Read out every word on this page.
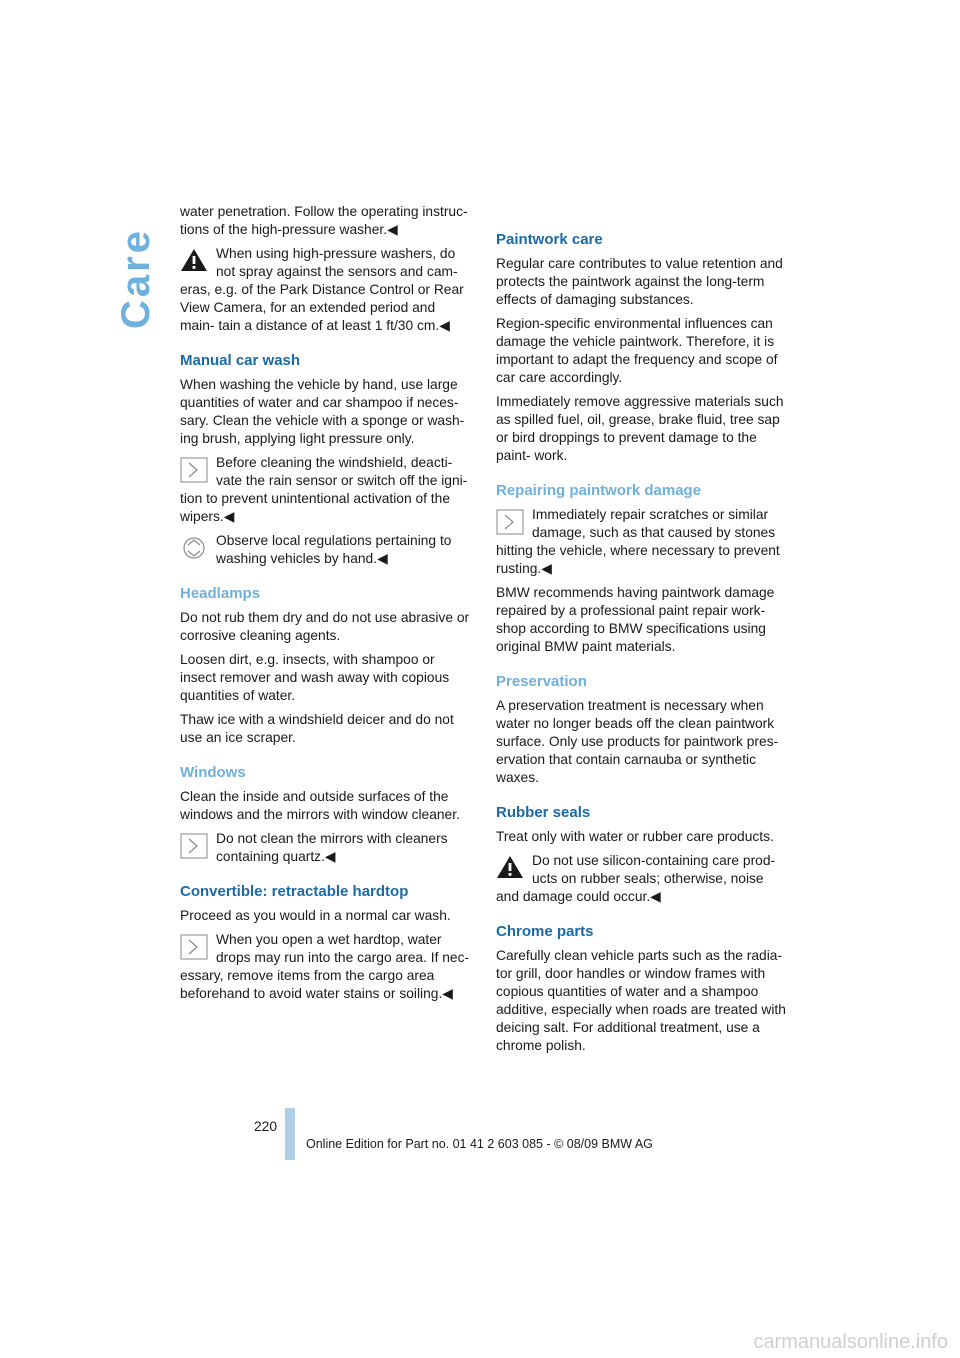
Care

water penetration. Follow the operating instruc- tions of the high-pressure washer.◀

When using high-pressure washers, do not spray against the sensors and cam- eras, e.g. of the Park Distance Control or Rear View Camera, for an extended period and main- tain a distance of at least 1 ft/30 cm.◀
Manual car wash

When washing the vehicle by hand, use large quantities of water and car shampoo if neces- sary. Clean the vehicle with a sponge or wash- ing brush, applying light pressure only.

Before cleaning the windshield, deacti- vate the rain sensor or switch off the igni- tion to prevent unintentional activation of the wipers.◀
Observe local regulations pertaining to washing vehicles by hand.◀
Headlamps

Do not rub them dry and do not use abrasive or corrosive cleaning agents.

Loosen dirt, e.g. insects, with shampoo or insect remover and wash away with copious quantities of water.

Thaw ice with a windshield deicer and do not use an ice scraper.

Windows

Clean the inside and outside surfaces of the windows and the mirrors with window cleaner.

Do not clean the mirrors with cleaners containing quartz.◀
Convertible: retractable hardtop

Proceed as you would in a normal car wash.

When you open a wet hardtop, water drops may run into the cargo area. If nec- essary, remove items from the cargo area beforehand to avoid water stains or soiling.◀
Paintwork care

Regular care contributes to value retention and protects the paintwork against the long-term effects of damaging substances.

Region-specific environmental influences can damage the vehicle paintwork. Therefore, it is important to adapt the frequency and scope of car care accordingly.

Immediately remove aggressive materials such as spilled fuel, oil, grease, brake fluid, tree sap or bird droppings to prevent damage to the paint- work.

Repairing paintwork damage
Immediately repair scratches or similar damage, such as that caused by stones hitting the vehicle, where necessary to prevent rusting.◀

BMW recommends having paintwork damage repaired by a professional paint repair work- shop according to BMW specifications using original BMW paint materials.

Preservation

A preservation treatment is necessary when water no longer beads off the clean paintwork surface. Only use products for paintwork pres- ervation that contain carnauba or synthetic waxes.

Rubber seals

Treat only with water or rubber care products.

Do not use silicon-containing care prod- ucts on rubber seals; otherwise, noise and damage could occur.◀
Chrome parts

Carefully clean vehicle parts such as the radia- tor grill, door handles or window frames with copious quantities of water and a shampoo additive, especially when roads are treated with deicing salt. For additional treatment, use a chrome polish.

220
Online Edition for Part no. 01 41 2 603 085 - © 08/09 BMW AG
carmanualsonline.info
